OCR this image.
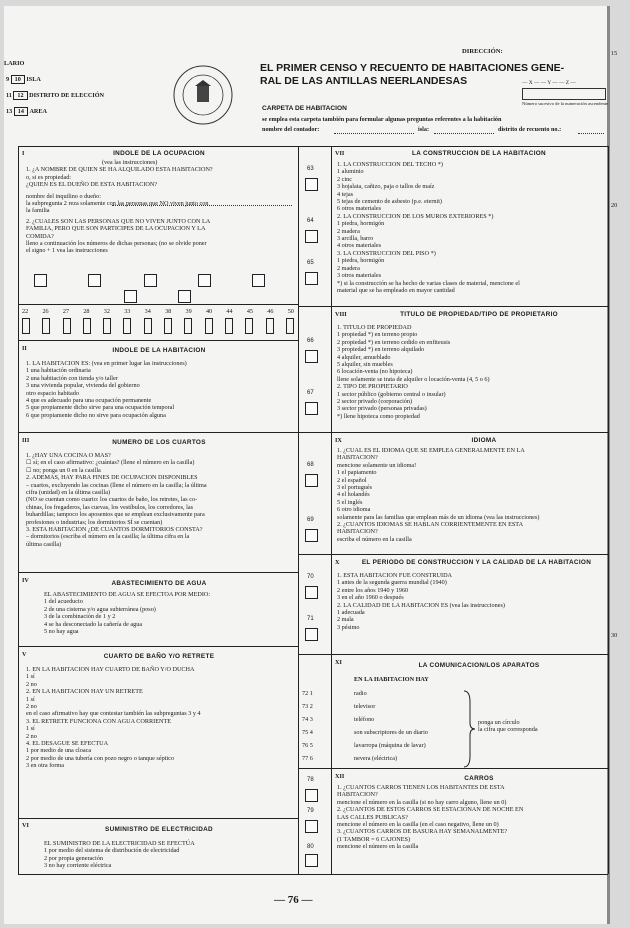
LARIO
9 10 ISLA
11 12 DISTRITO DE ELECCIÓN
13 14 AREA
DIRECCIÓN:
EL PRIMER CENSO Y RECUENTO DE HABITACIONES GENE-
RAL DE LAS ANTILLAS NEERLANDESAS	— X — — Y — — Z —
Número sucesivo de la numeración ascendente
CARPETA DE HABITACION
se emplea esta carpeta también para formular algunas preguntas referentes a la habitación
nombre del contador:	isla:	distrito de recuento no.:
15
20
30
I	INDOLE DE LA OCUPACION
(vea las instrucciones)
1. ¿A NOMBRE DE QUIEN SE HA ALQUILADO ESTA HABITACION?
o, si es propiedad:
¿QUIEN ES EL DUEÑO DE ESTA HABITACION?
nombre del inquilino o dueño:
la subpregunta 2 reza solamente con las personas que NO viven junto con
la familia
2. ¿CUALES SON LAS PERSONAS QUE NO VIVEN JUNTO CON LA
FAMILIA, PERO QUE SON PARTICIPES DE LA OCUPACION Y LA
COMIDA?
lleno a continuación los números de dichas personas; (no se olvide poner
el signo + 1 vea las instrucciones
22 26 27 28 32 33 34 38 39 40 44 45 46 50
II	INDOLE DE LA HABITACION
1. LA HABITACION ES: (vea en primer lugar las instrucciones)
1 una habitación ordinaria
2 una habitación con tienda y/o taller
3 una vivienda popular, vivienda del gobierno
otro espacio habitado
4 que es adecuado para una ocupación permanente
5 que propiamente dicho sirve para una ocupación temporal
6 que propiamente dicho no sirve para ocupación alguna
III	NUMERO DE LOS CUARTOS
1. ¿HAY UNA COCINA O MAS?
☐ sí; en el caso afirmativo: ¿cuántas? (llene el número en la casilla)
☐ no; ponga un 0 en la casilla
2. ADEMAS, HAY PARA FINES DE OCUPACION DISPONIBLES
– cuartos, excluyendo las cocinas (llene el número en la casilla; la última
cifra (unidad) en la última casilla)
(NO se cuentan como cuarto: los cuartos de baño, los retretes, las co-
chinas, los fregaderos, las cuevas, los vestíbulos, los corredores, las
buhardillas; tampoco los aposentos que se emplean exclusivamente para
profesiones o industrias; los dormitorios SÍ se cuentan)
3. ESTA HABITACION ¿DE CUANTOS DORMITORIOS CONSTA?
– dormitorios (escriba el número en la casilla; la última cifra en la
última casilla)
IV	ABASTECIMIENTO DE AGUA
EL ABASTECIMIENTO DE AGUA SE EFECTOA POR MEDIO:
1 del acueducto
2 de una cisterna y/o agua subterránea (poso)
3 de la combinación de 1 y 2
4 se ha desconectado la cañería de agua
5 no hay agua
V	CUARTO DE BAÑO Y/O RETRETE
1. EN LA HABITACION HAY CUARTO DE BAÑO Y/O DUCHA
1 sí
2 no
2. EN LA HABITACION HAY UN RETRETE
1 sí
2 no
en el caso afirmativo hay que contestar también las subpreguntas 3 y 4
3. EL RETRETE FUNCIONA CON AGUA CORRIENTE
1 sí
2 no
4. EL DESAGUE SE EFECTUA
1 por medio de una cloaca
2 por medio de una tubería con pozo negro o tanque séptico
3 en otra forma
VI
SUMINISTRO DE ELECTRICIDAD
EL SUMINISTRO DE LA ELECTRICIDAD SE EFECTÚA
1 por medio del sistema de distribución de electricidad
2 por propia generación
3 no hay corriente eléctrica
VII	LA CONSTRUCCION DE LA HABITACION
1. LA CONSTRUCCION DEL TECHO *)
1 aluminio
2 cinc
3 hojalata, cañizo, paja o tallos de maíz
4 tejas
5 tejas de cemento de asbesto (p.e. eternit)
6 otros materiales
2. LA CONSTRUCCION DE LOS MUROS EXTERIORES *)
1 piedra, hormigón
2 madera
3 arcilla, barro
4 otros materiales
3. LA CONSTRUCCION DEL PISO *)
1 piedra, hormigón
2 madera
3 otros materiales
*) si la construcción se ha hecho de varias clases de material, mencione el
material que se ha empleado en mayor cantidad
63
64
65
VIII	TITULO DE PROPIEDAD/TIPO DE PROPIETARIO
1. TITULO DE PROPIEDAD
1 propiedad *) en terreno propio
2 propiedad *) en terreno cedido en enfiteusis
3 propiedad *) en terreno alquilado
4 alquiler, amueblado
5 alquiler, sin muebles
6 locación-venta (no hipoteca)
llene solamente se trata de alquiler o locación-venta (4, 5 o 6)
2. TIPO DE PROPIETARIO
1 sector público (gobierno central o insular)
2 sector privado (corporación)
3 sector privado (personas privadas)
*) llene hipoteca como propiedad
66
67
IX	IDIOMA
1. ¿CUAL ES EL IDIOMA QUE SE EMPLEA GENERALMENTE EN LA
HABITACION?
mencione solamente un idioma!
1 el papiamento
2 el español
3 el portugués
4 el holandés
5 el inglés
6 otro idioma
solamente para las familias que emplean más de un idioma (vea las instrucciones)
2. ¿CUANTOS IDIOMAS SE HABLAN CORRIENTEMENTE EN ESTA
HABITACION?
escriba el número en la casilla
68
69
X	EL PERIODO DE CONSTRUCCION Y LA CALIDAD DE LA HABITACION
1. ESTA HABITACION FUE CONSTRUIDA
1 antes de la segunda guerra mundial (1940)
2 entre los años 1940 y 1960
3 en el año 1960 o después
2. LA CALIDAD DE LA HABITACION ES (vea las instrucciones)
1 adecuada
2 mala
3 pésimo
70
71
XI	LA COMUNICACION/LOS APARATOS
EN LA HABITACION HAY
72 1	radio
73 2	televisor
74 3	teléfono
75 4	son subscriptores de un diario
76 5	lavarropa (máquina de lavar)
77 6	nevera (eléctrica)
ponga un círculo
la cifra que corresponda
XII	CARROS
1. ¿CUANTOS CARROS TIENEN LOS HABITANTES DE ESTA
HABITACION?
mencione el número en la casilla (si no hay carro alguno, llene un 0)
2. ¿CUANTOS DE ESTOS CARROS SE ESTACIONAN DE NOCHE EN
LAS CALLES PUBLICAS?
mencione el número en la casilla (en el caso negativo, llene un 0)
3. ¿CUANTOS CARROS DE BASURA HAY SEMANALMENTE?
(1 TAMBOR = 6 CAJONES)
mencione el número en la casilla
78
79
80
— 76 —
